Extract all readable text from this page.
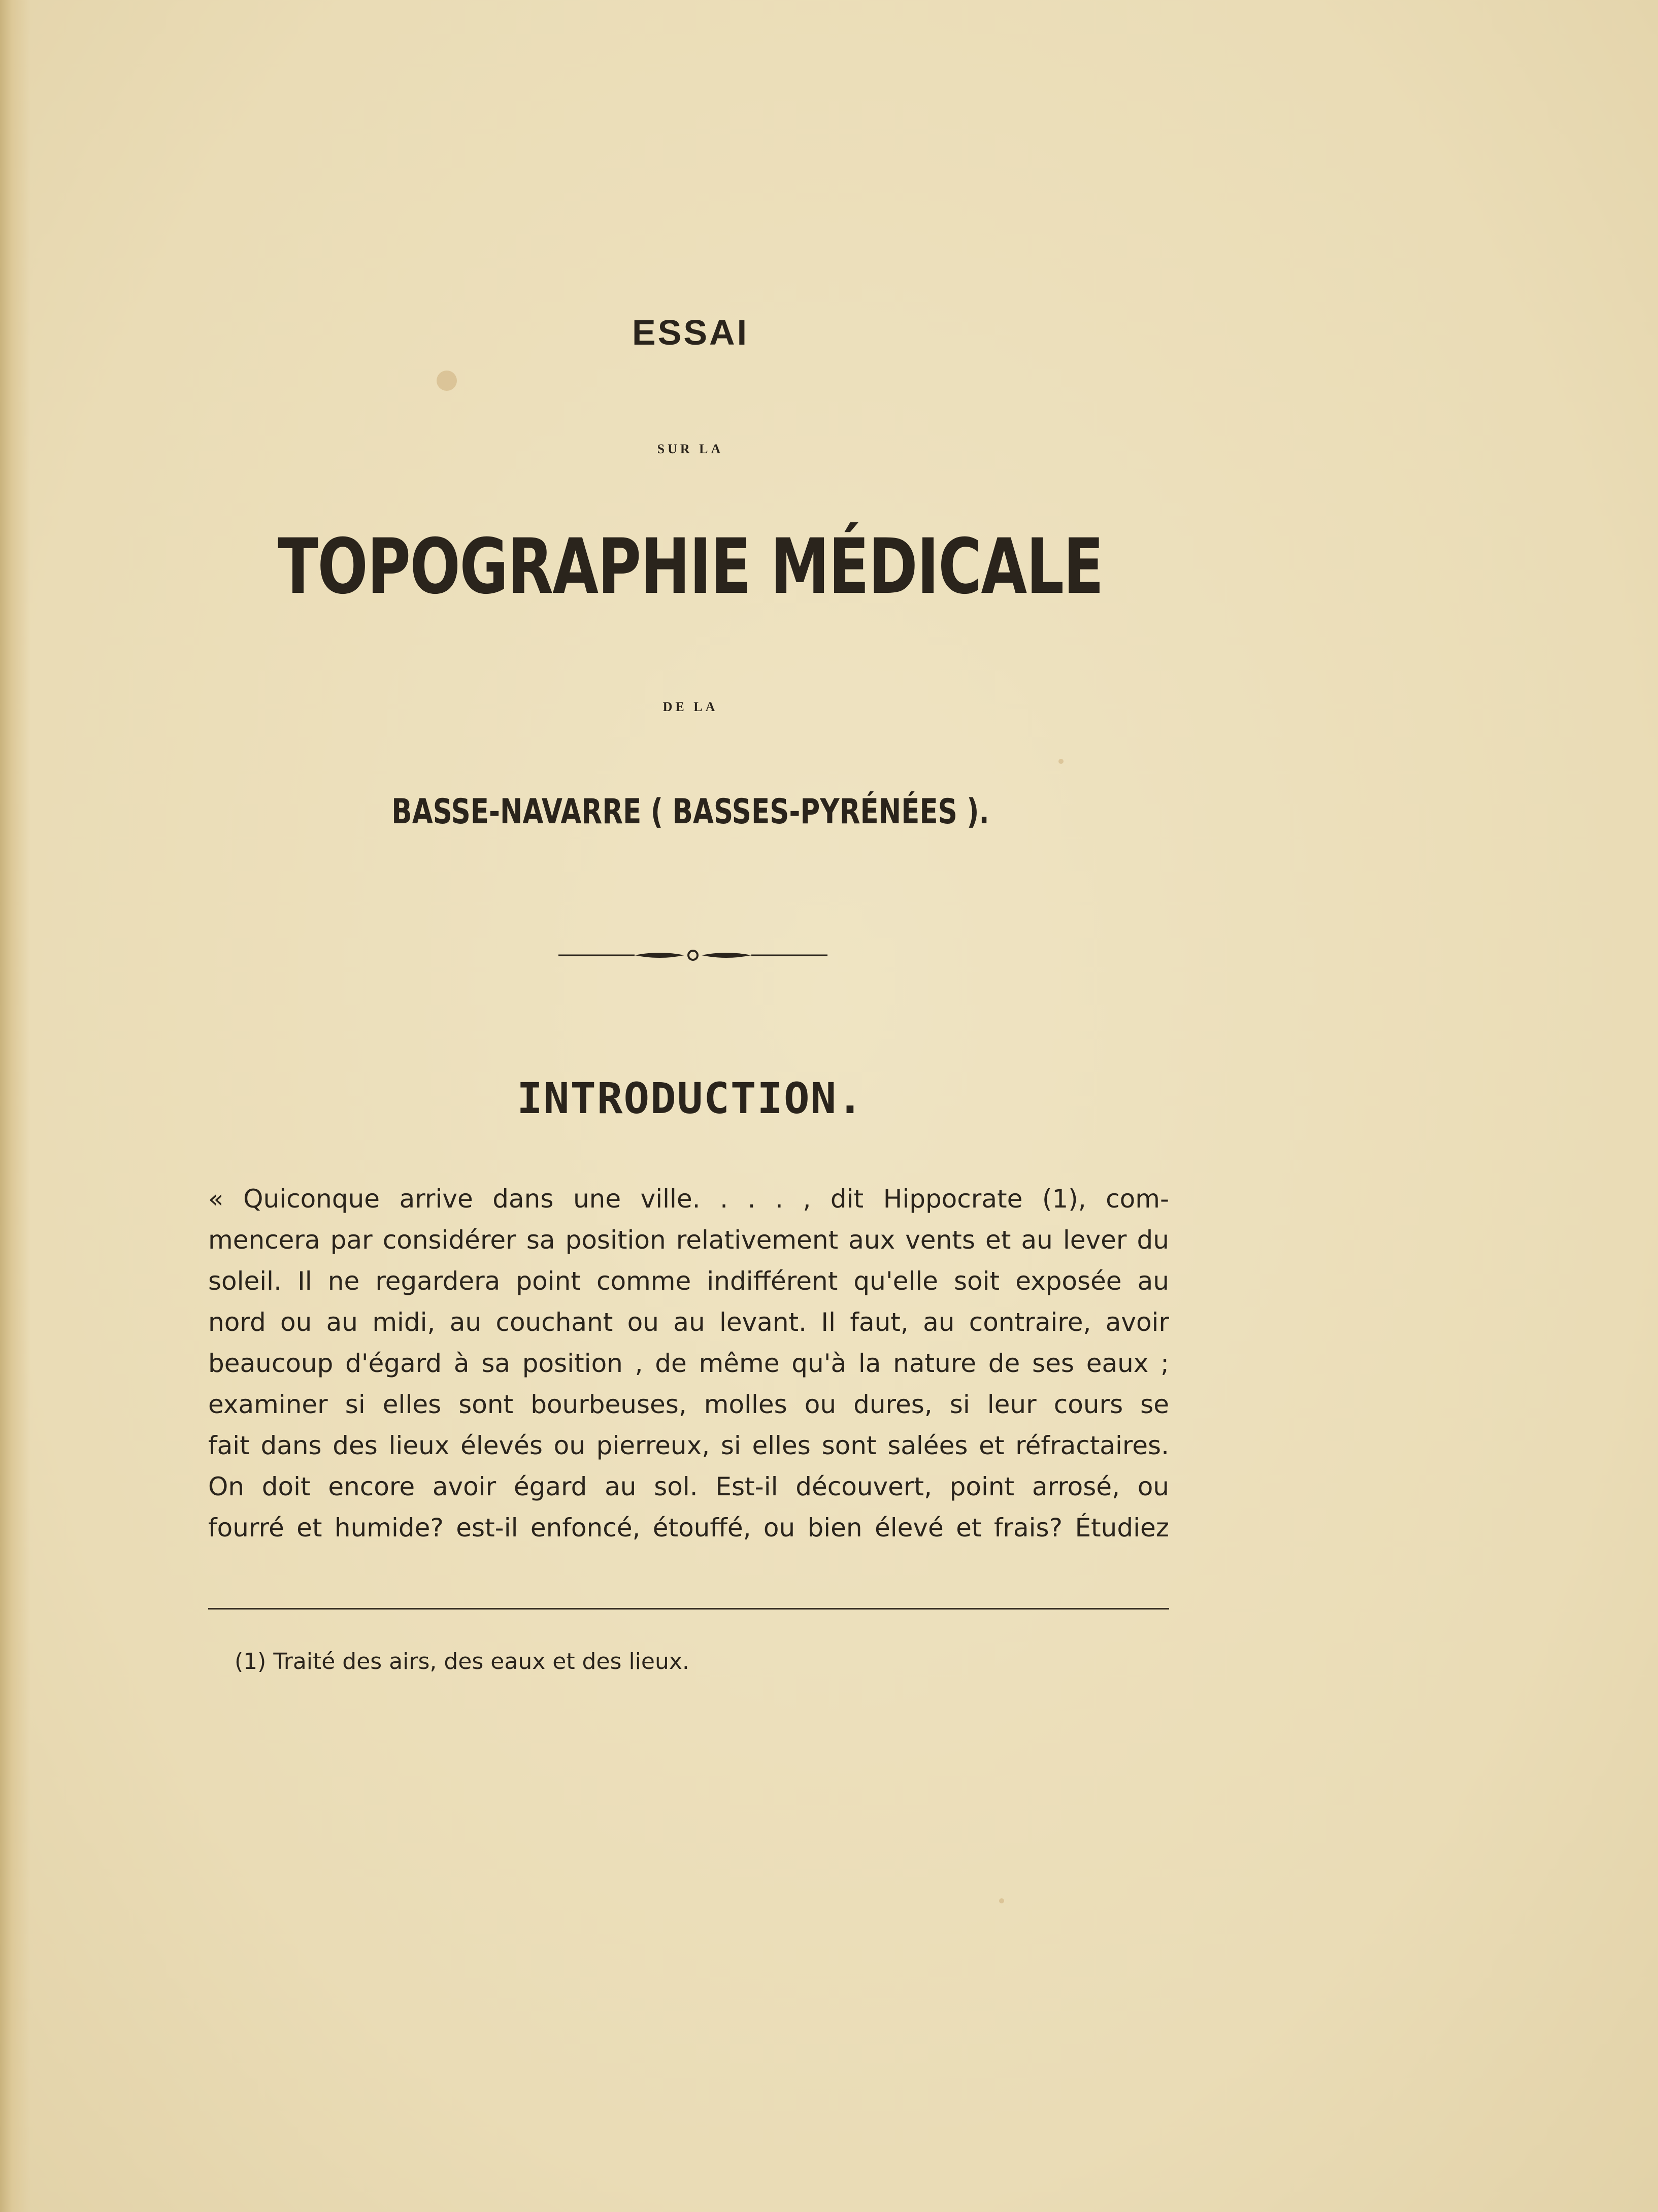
ESSAI
SUR LA
TOPOGRAPHIE MÉDICALE
DE LA
BASSE-NAVARRE ( BASSES-PYRÉNÉES ).
INTRODUCTION.
« Quiconque arrive dans une ville. . . . , dit Hippocrate (1), com-
mencera par considérer sa position relativement aux vents et au lever du
soleil. Il ne regardera point comme indifférent qu'elle soit exposée au
nord ou au midi, au couchant ou au levant. Il faut, au contraire, avoir
beaucoup d'égard à sa position , de même qu'à la nature de ses eaux ;
examiner si elles sont bourbeuses, molles ou dures, si leur cours se
fait dans des lieux élevés ou pierreux, si elles sont salées et réfractaires.
On doit encore avoir égard au sol. Est-il découvert, point arrosé, ou
fourré et humide? est-il enfoncé, étouffé, ou bien élevé et frais? Étudiez
(1) Traité des airs, des eaux et des lieux.
